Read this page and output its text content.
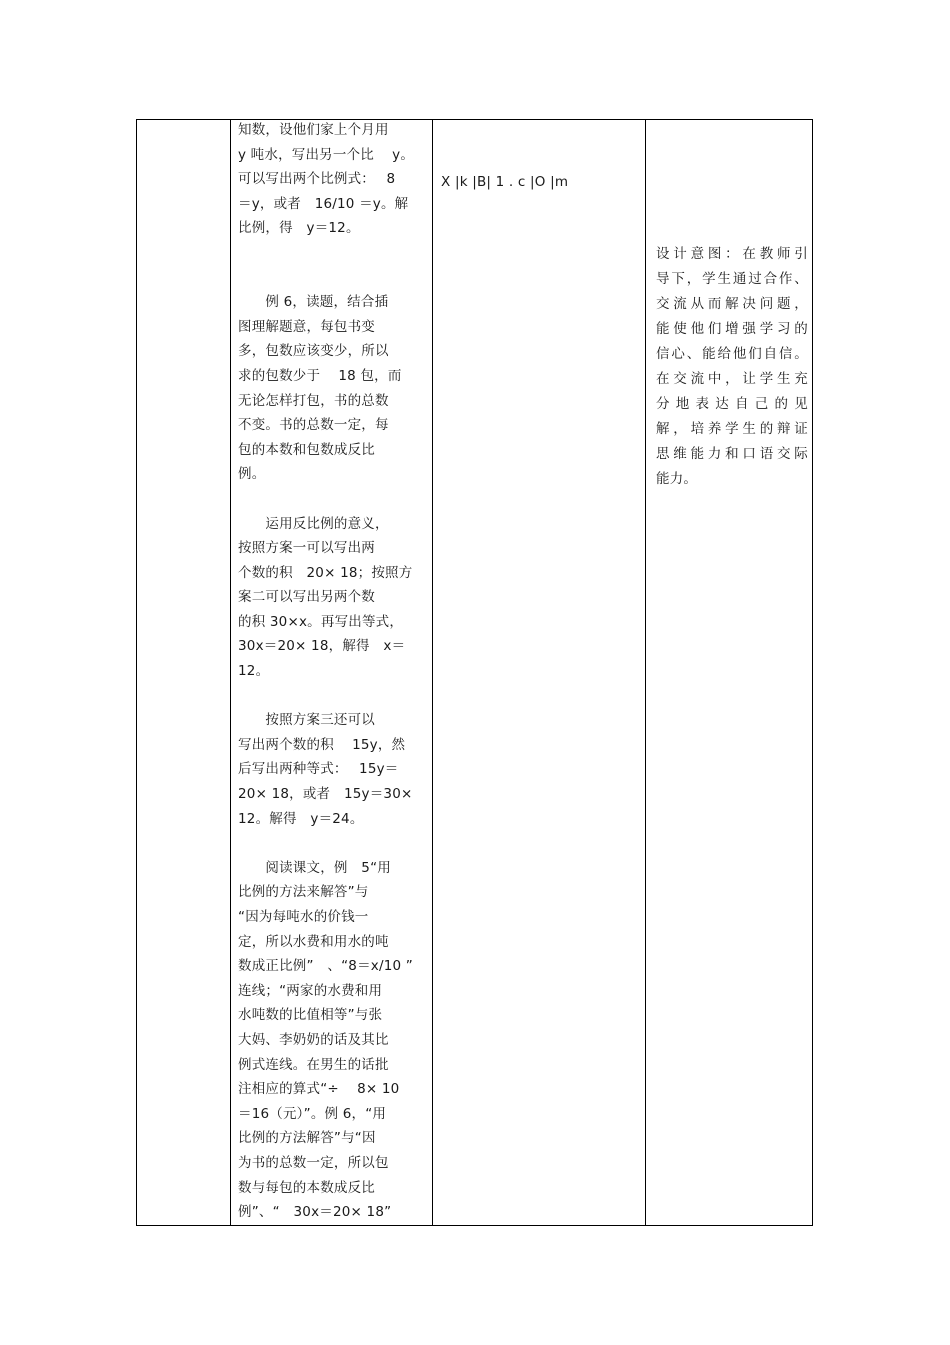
知数，设他们家上个月用
y 吨水，写出另一个比　 y。
可以写出两个比例式：　 8
＝y，或者　16/10 ＝y。解
比例，得　y＝12。

　　例 6，读题，结合插
图理解题意，每包书变
多，包数应该变少，所以
求的包数少于　 18 包，而
无论怎样打包，书的总数
不变。书的总数一定，每
包的本数和包数成反比
例。

　　运用反比例的意义，
按照方案一可以写出两
个数的积　20× 18；按照方
案二可以写出另两个数
的积 30×x。再写出等式，
30x＝20× 18，解得　x＝
12。

　　按照方案三还可以
写出两个数的积　 15y，然
后写出两种等式：　 15y＝
20× 18，或者　15y＝30×
12。解得　y＝24。

　　阅读课文，例　5“用
比例的方法来解答”与
“因为每吨水的价钱一
定，所以水费和用水的吨
数成正比例”　、“8＝x/10 ”
连线；“两家的水费和用
水吨数的比值相等”与张
大妈、李奶奶的话及其比
例式连线。在男生的话批
注相应的算式“÷　 8× 10
＝16（元）”。例 6，“用
比例的方法解答”与“因
为书的总数一定，所以包
数与每包的本数成反比
例”、“　30x＝20× 18”
X |k |B| 1 . c |O |m
设计意图：在教师引
导下，学生通过合作、
交流从而解决问题，
能使他们增强学习的
信心、能给他们自信。
在交流中，让学生充
分地表达自己的见
解，培养学生的辩证
思维能力和口语交际
能力。
